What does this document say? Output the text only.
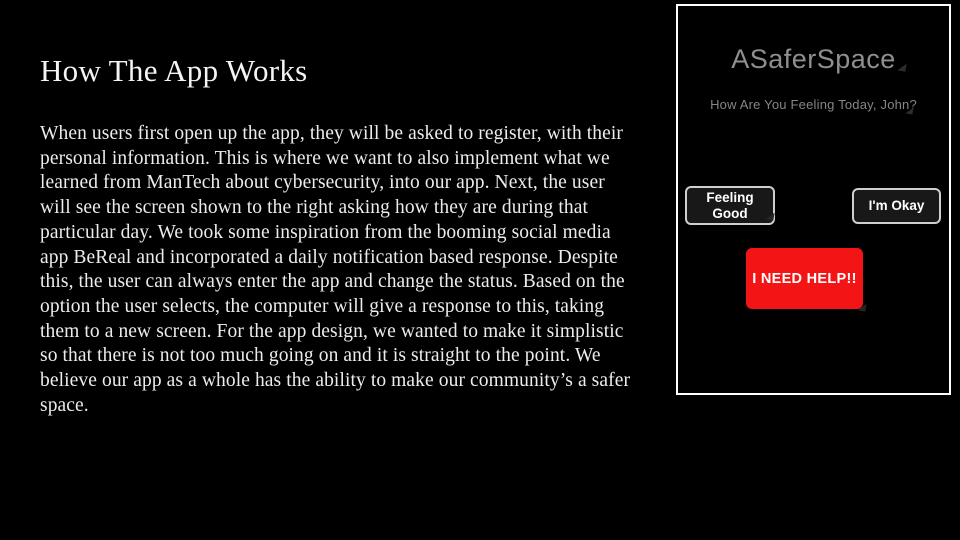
How The App Works
When users first open up the app, they will be asked to register, with their personal information. This is where we want to also implement what we learned from ManTech about cybersecurity, into our app. Next, the user will see the screen shown to the right asking how they are during that particular day. We took some inspiration from the booming social media app BeReal and incorporated a daily notification based response. Despite this, the user can always enter the app and change the status. Based on the option the user selects, the computer will give a response to this, taking them to a new screen. For the app design, we wanted to make it simplistic so that there is not too much going on and it is straight to the point. We believe our app as a whole has the ability to make our community’s a safer space.
ASaferSpace
How Are You Feeling Today, John?
Feeling Good	I'm Okay
I NEED HELP!!
